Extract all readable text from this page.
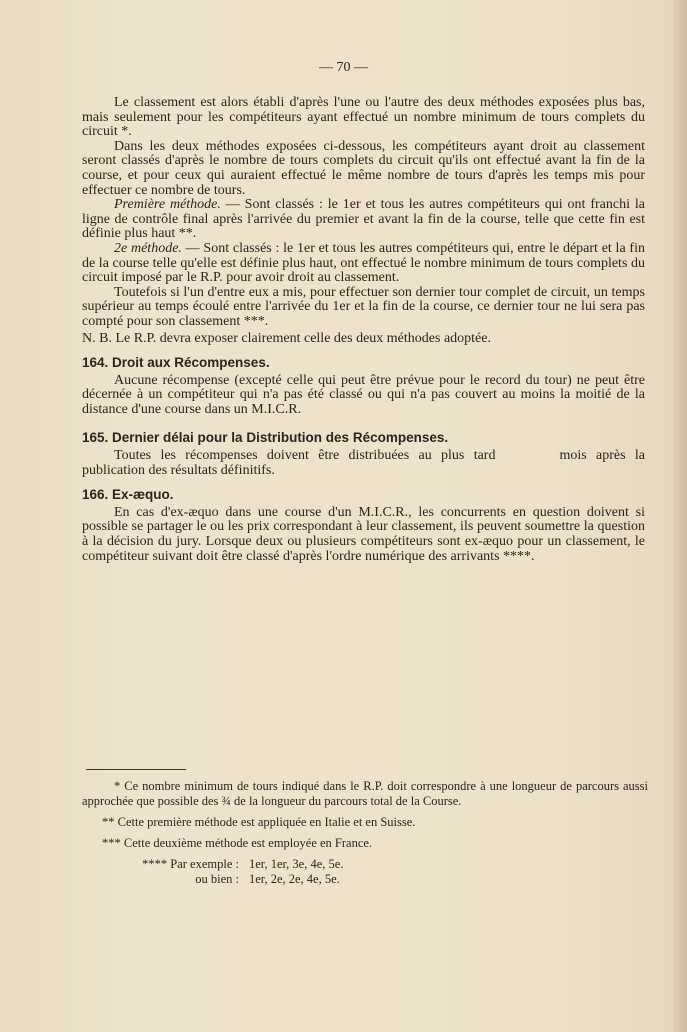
— 70 —

Le classement est alors établi d'après l'une ou l'autre des deux méthodes exposées plus bas, mais seulement pour les compétiteurs ayant effectué un nombre minimum de tours complets du circuit *.

Dans les deux méthodes exposées ci-dessous, les compétiteurs ayant droit au classement seront classés d'après le nombre de tours complets du circuit qu'ils ont effectué avant la fin de la course, et pour ceux qui auraient effectué le même nombre de tours d'après les temps mis pour effectuer ce nombre de tours.

Première méthode. — Sont classés : le 1er et tous les autres compétiteurs qui ont franchi la ligne de contrôle final après l'arrivée du premier et avant la fin de la course, telle que cette fin est définie plus haut **.

2e méthode. — Sont classés : le 1er et tous les autres compétiteurs qui, entre le départ et la fin de la course telle qu'elle est définie plus haut, ont effectué le nombre minimum de tours complets du circuit imposé par le R.P. pour avoir droit au classement.

Toutefois si l'un d'entre eux a mis, pour effectuer son dernier tour complet de circuit, un temps supérieur au temps écoulé entre l'arrivée du 1er et la fin de la course, ce dernier tour ne lui sera pas compté pour son classement ***.

N. B. Le R.P. devra exposer clairement celle des deux méthodes adoptée.

164. Droit aux Récompenses.

Aucune récompense (excepté celle qui peut être prévue pour le record du tour) ne peut être décernée à un compétiteur qui n'a pas été classé ou qui n'a pas couvert au moins la moitié de la distance d'une course dans un M.I.C.R.

165. Dernier délai pour la Distribution des Récompenses.

Toutes les récompenses doivent être distribuées au plus tard	mois après la publication des résultats définitifs.

166. Ex-æquo.

En cas d'ex-æquo dans une course d'un M.I.C.R., les concurrents en question doivent si possible se partager le ou les prix correspondant à leur classement, ils peuvent soumettre la question à la décision du jury. Lorsque deux ou plusieurs compétiteurs sont ex-æquo pour un classement, le compétiteur suivant doit être classé d'après l'ordre numérique des arrivants ****.

* Ce nombre minimum de tours indiqué dans le R.P. doit correspondre à une longueur de parcours aussi approchée que possible des ¾ de la longueur du parcours total de la Course.

** Cette première méthode est appliquée en Italie et en Suisse.

*** Cette deuxième méthode est employée en France.

**** Par exemple : 1er, 1er, 3e, 4e, 5e.
ou bien : 1er, 2e, 2e, 4e, 5e.
